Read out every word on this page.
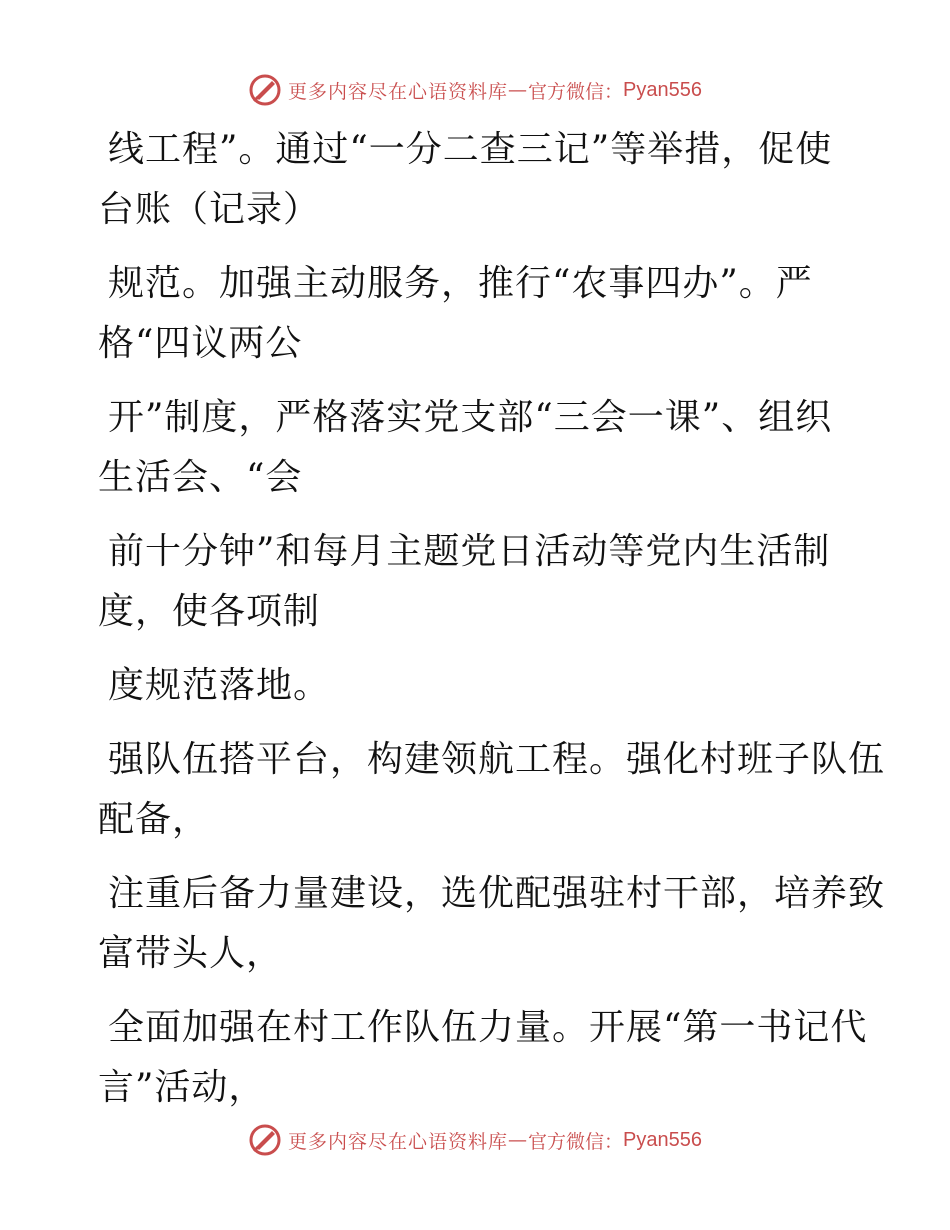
更多内容尽在心语资料库 — 官方微信： Pyan556

线工程”。通过“一分二查三记”等举措，促使
台账（记录）

规范。加强主动服务，推行“农事四办”。严
格“四议两公

开”制度，严格落实党支部“三会一课”、组织
生活会、“会

前十分钟”和每月主题党日活动等党内生活制
度，使各项制

度规范落地。

强队伍搭平台，构建领航工程。强化村班子队伍
配备，

注重后备力量建设，选优配强驻村干部，培养致
富带头人，

全面加强在村工作队伍力量。开展“第一书记代
言”活动，

更多内容尽在心语资料库 — 官方微信： Pyan556
